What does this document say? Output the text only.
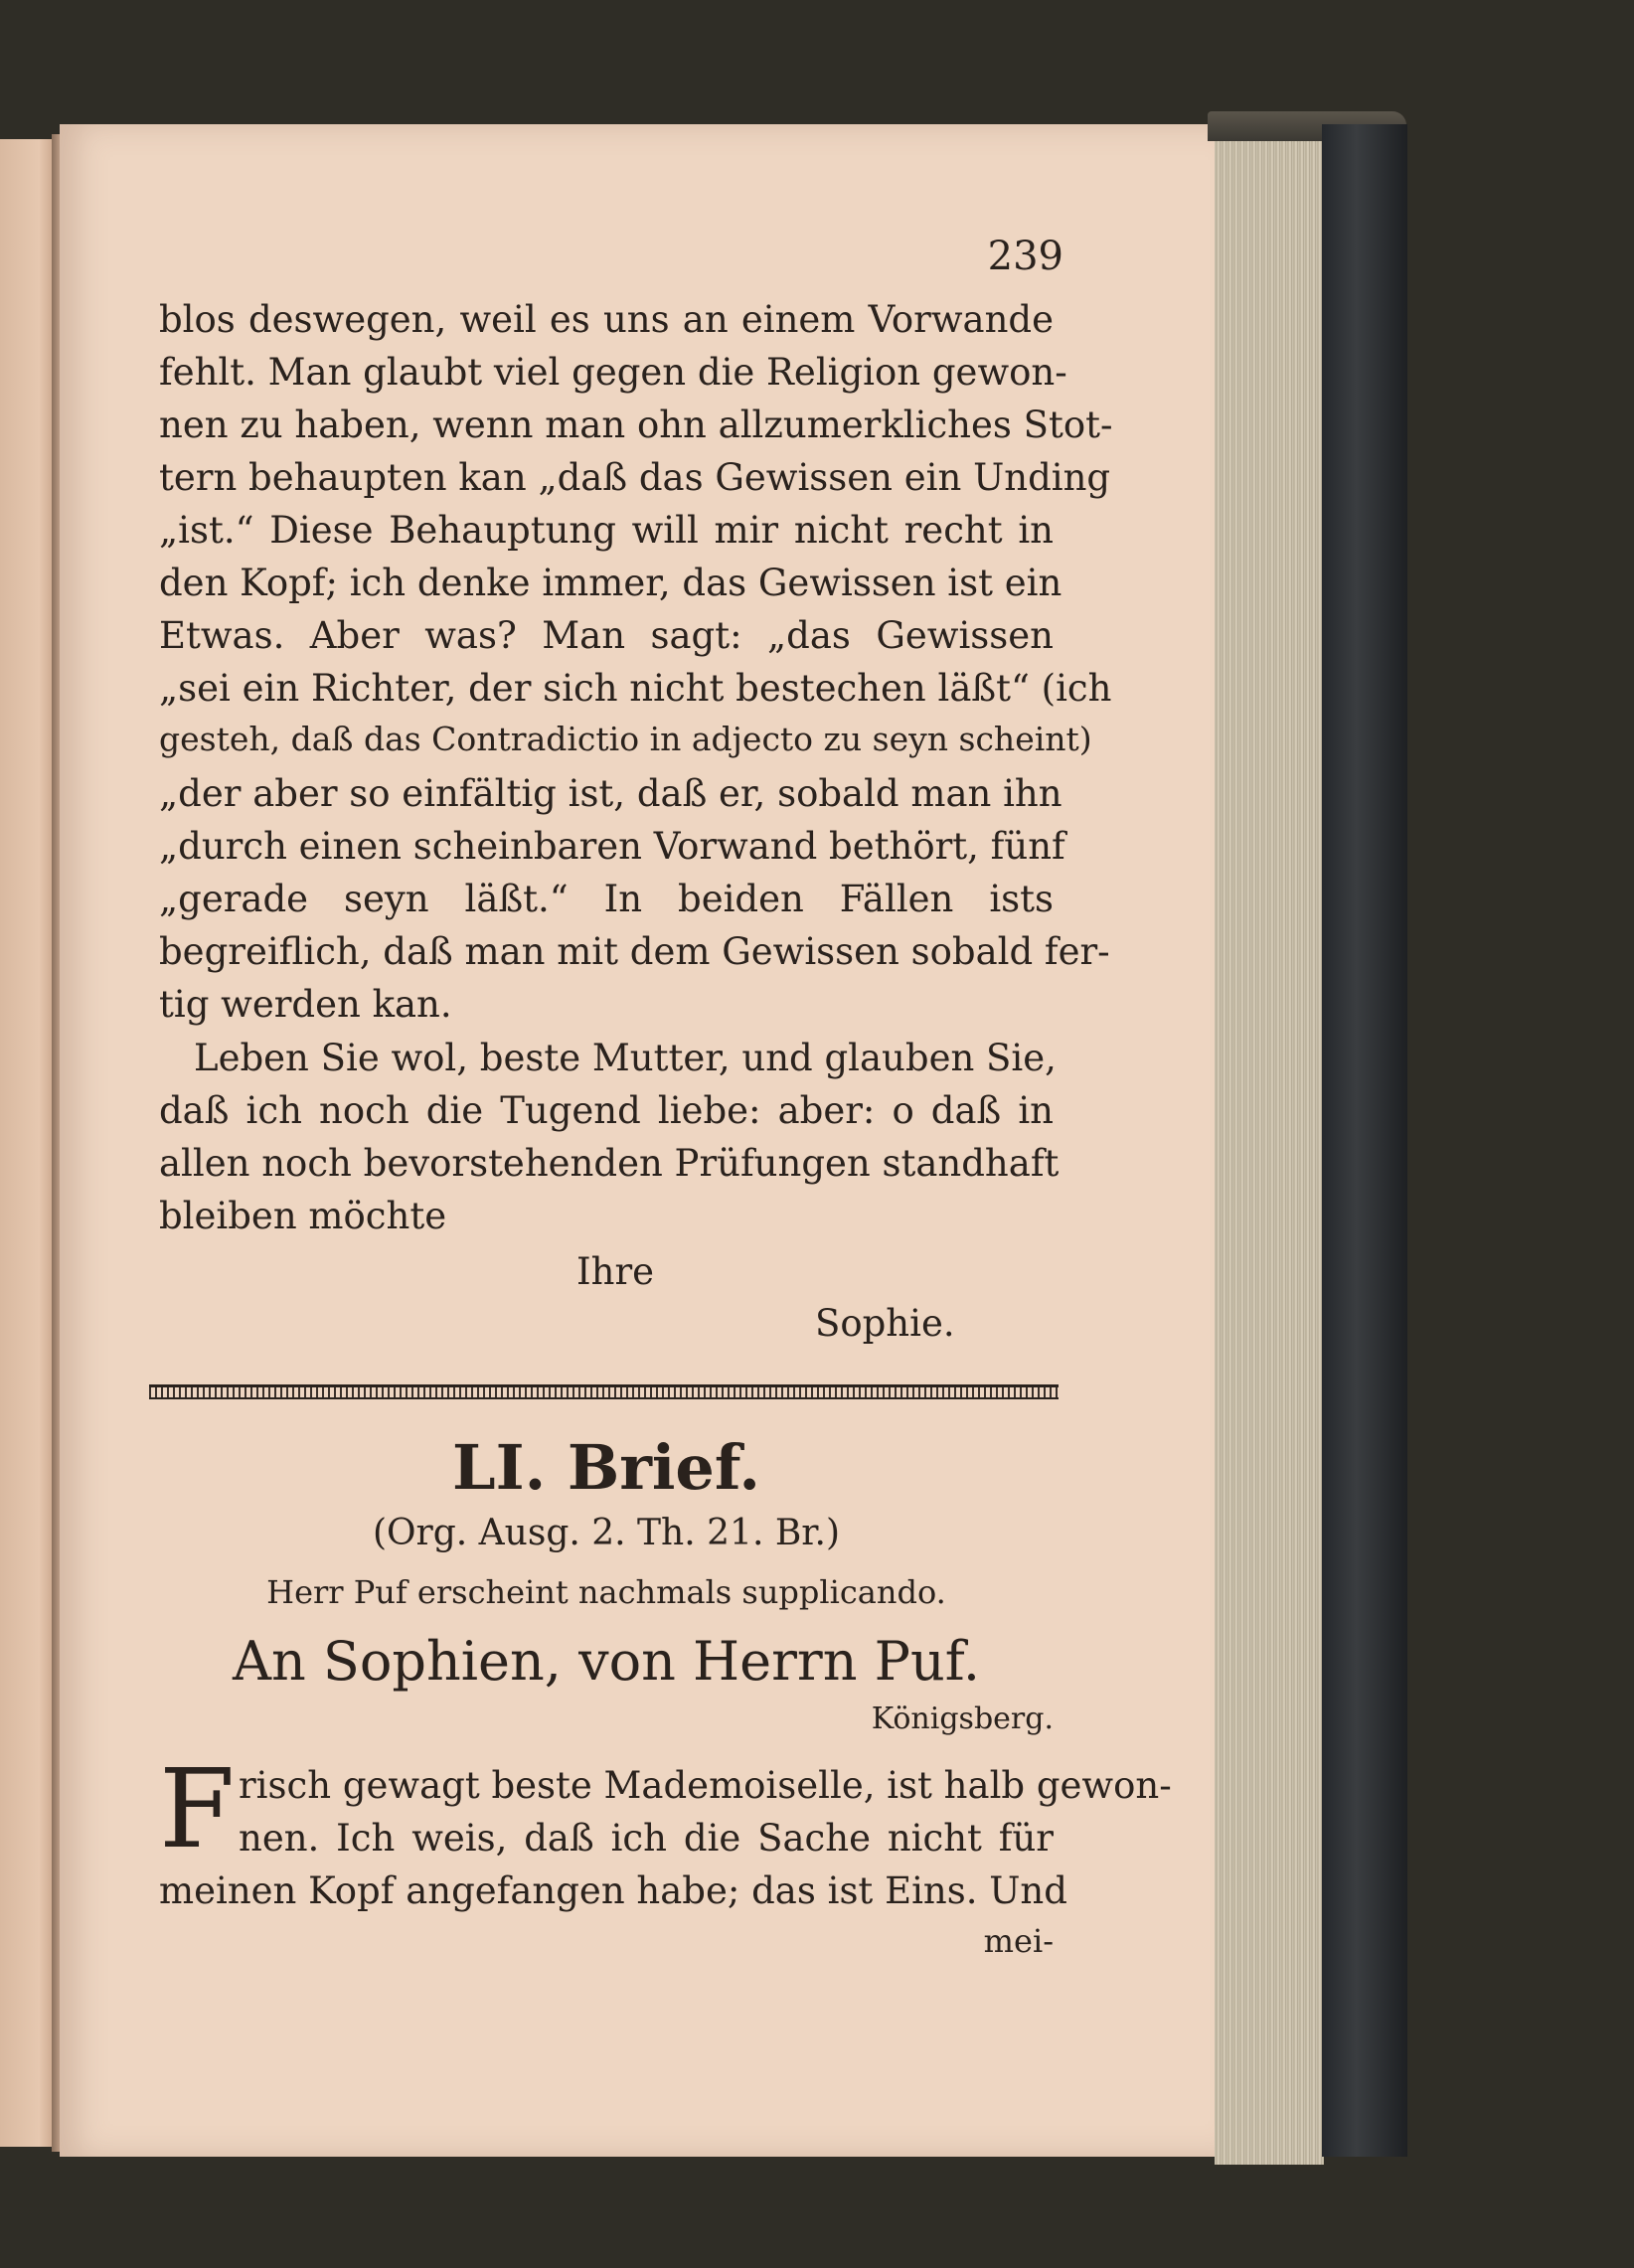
239
blos deswegen, weil es uns an einem Vorwande
fehlt. Man glaubt viel gegen die Religion gewon-
nen zu haben, wenn man ohn allzumerkliches Stot-
tern behaupten kan „daß das Gewissen ein Unding
„ist.“ Diese Behauptung will mir nicht recht in
den Kopf; ich denke immer, das Gewissen ist ein
Etwas. Aber was? Man sagt: „das Gewissen
„sei ein Richter, der sich nicht bestechen läßt“ (ich
gesteh, daß das Contradictio in adjecto zu seyn scheint)
„der aber so einfältig ist, daß er, sobald man ihn
„durch einen scheinbaren Vorwand bethört, fünf
„gerade seyn läßt.“ In beiden Fällen ists
begreiflich, daß man mit dem Gewissen sobald fer-
tig werden kan.
Leben Sie wol, beste Mutter, und glauben Sie,
daß ich noch die Tugend liebe: aber: o daß in
allen noch bevorstehenden Prüfungen standhaft
bleiben möchte
Ihre
Sophie.
LI. Brief.
(Org. Ausg. 2. Th. 21. Br.)
Herr Puf erscheint nachmals supplicando.
An Sophien, von Herrn Puf.
Königsberg.
F risch gewagt beste Mademoiselle, ist halb gewon-
nen. Ich weis, daß ich die Sache nicht für
meinen Kopf angefangen habe; das ist Eins. Und
mei-
